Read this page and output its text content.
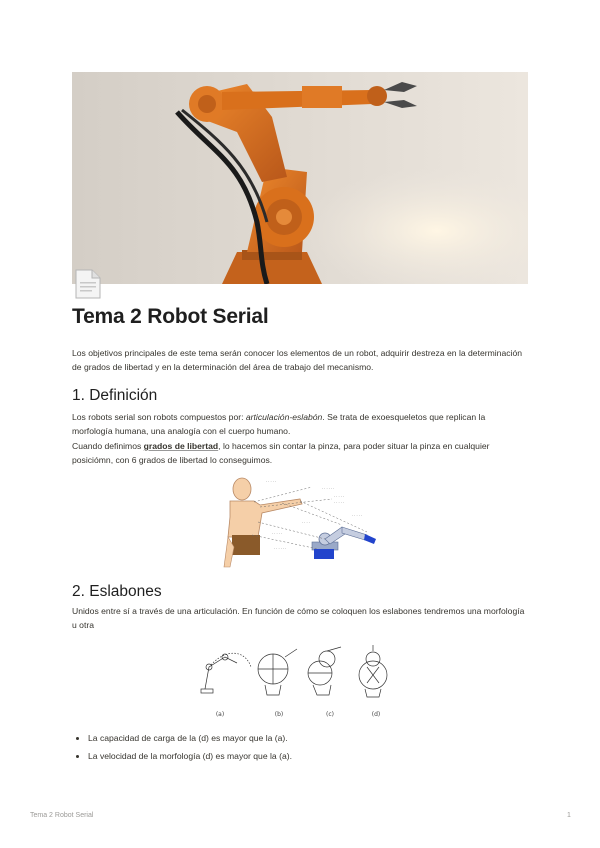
Tema 2 Robot Serial

Los objetivos principales de este tema serán conocer los elementos de un robot, adquirir destreza en la determinación de grados de libertad y en la determinación del área de trabajo del mecanismo.

1. Definición

Los robots serial son robots compuestos por: articulación-eslabón. Se trata de exoesqueletos que replican la morfología humana, una analogía con el cuerpo humano.

Cuando definimos grados de libertad, lo hacemos sin contar la pinza, para poder situar la pinza en cualquier posiciómn, con 6 grados de libertad lo conseguimos.

· · · · ·
· · · · · ·
· · · · ·
· · · · ·
· · · · ·
· · · ·
· · · · ·
· · · · · ·
2. Eslabones

Unidos entre sí a través de una articulación. En función de cómo se coloquen los eslabones tendremos una morfología u otra

(a)	(b)	(c)	(d)
• La capacidad de carga de la (d) es mayor que la (a).
• La velocidad de la morfología (d) es mayor que la (a).
Tema 2 Robot Serial	1
